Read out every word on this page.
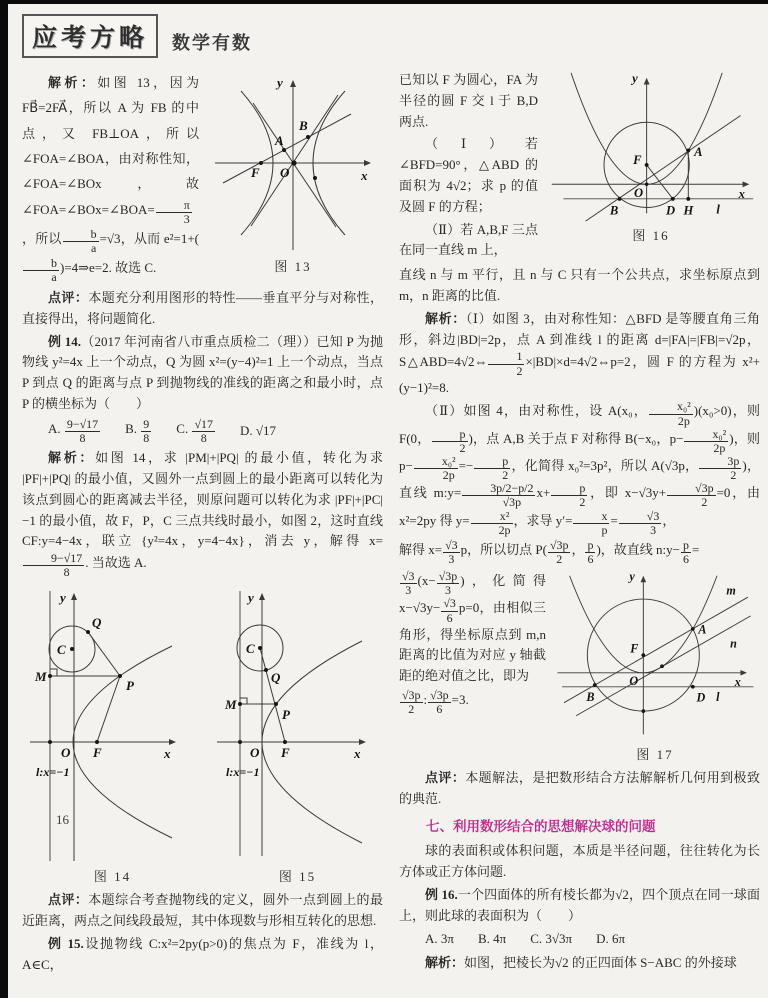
应考方略	数学有数
解析：如图 13，因为 FB⃗=2FA⃗，所以 A 为 FB 的中点，又 FB⊥OA，所以∠FOA=∠BOA，由对称性知，∠FOA=∠BOx，故∠FOA=∠BOx=∠BOA= $\frac{\pi}{3}$
，所以 $\frac{b}{a} =√3$，从而 e²=1+(
$\frac{b}{a}$ )=4⇒e=2. 故选 C.
x
y
F O
A
B
图 13

点评：本题充分利用图形的特性——垂直平分与对称性，直接得出，将问题简化.

例 14.（2017 年河南省八市重点质检二（理））已知 P 为抛物线 y²=4x 上一个动点，Q 为圆 x²=(y−4)²=1 上一个动点，当点 P 到点 Q 的距离与点 P 到抛物线的准线的距离之和最小时，点 P 的横坐标为（　　）

A. $\frac{9-√17}{8} B$. $\frac{9}{8} C$. $\frac{√17}{8} D$. √17

解析：如图 14，求 |PM|+|PQ| 的最小值，转化为求 |PF|+|PQ| 的最小值，又圆外一点到圆上的最小距离可以转化为该点到圆心的距离减去半径，则原问题可以转化为求 |PF|+|PC|−1 的最小值，故 F，P，C 三点共线时最小，如图 2，这时直线 CF:y=4−4x，联立 {y²=4x，y=4−4x}，消去 y，解得 x=
$\frac{9-√17}{8}$ . 当故选 A.

y
Q
C
M
P
O F	x
l:x=−1
16
图 14
y
C
Q
M
P
O F	x
l:x=−1
图 15

点评：本题综合考查抛物线的定义，圆外一点到圆上的最近距离，两点之间线段最短，其中体现数与形相互转化的思想.

例 15.设抛物线 C:x²=2py(p>0)的焦点为 F，准线为 l，A∈C，

已知以 F 为圆心，FA 为半径的圆 F 交 l 于 B,D 两点.

（Ⅰ）若∠BFD=90°，△ABD 的面积为 4√2；求 p 的值及圆 F 的方程；

（Ⅱ）若 A,B,F 三点在同一直线 m 上，

y
x
l
A
B	D H
O
F
图 16

直线 n 与 m 平行，且 n 与 C 只有一个公共点，求坐标原点到 m，n 距离的比值.

解析：（Ⅰ）如图 3，由对称性知：△BFD 是等腰直角三角形，斜边|BD|=2p，点 A 到准线 l 的距离 d=|FA|=|FB|=√2p，S△ABD=4√2⇔ $\frac{1}{2}$ ×|BD|×d=4√2⇔p=2，圆 F 的方程为 x²+(y−1)²=8.

（Ⅱ）如图 4，由对称性，设 A(x₀， $\frac{\text{x₀²}}{2p} )(x_0>0)$，则 F(0， $\frac{p}{2}$ )，点 A,B 关于点 F 对称得 B(−x₀，$p- \frac{\text{x₀²}}{2p}$ )，则 $p- \frac{\text{x₀²}}{2p} =- \frac{p}{2}$ ，化简得 x₀²=3p²，所以 A(√3p， $\frac{3p}{2}$ )，直线 m:y= $\frac{3p/2-p/2}{√3p} x+ \frac{p}{2}$ ，即 $x-√3y+ \frac{√3p}{2} =0$，由 x²=2py 得 $y= \frac{\text{x²}}{2p}$ ，求导 $y'= \frac{x}{p} = \frac{√3}{3}$ ，

解得 $x= \frac{√3}{3}$ p，所以切点 $P( \frac{√3p}{2}$ ， $\frac{p}{6}$ )，故直线 n:y− $\frac{p}{6}$ =

$\frac{√3}{3} (x- \frac{√3p}{3}$ )，化简得 $x-√3y- \frac{√3}{6} p=0$，由相似三角形，得坐标原点到 m,n 距离的比值为对应 y 轴截距的绝对值之比，即为

$\frac{√3p}{2}$ : $\frac{√3p}{6} =3$.

y
x
l
m
n
A
B	D
F
O
图 17

点评：本题解法，是把数形结合方法解解析几何用到极致的典范.

七、利用数形结合的思想解决球的问题

球的表面积或体积问题，本质是半径问题，往往转化为长方体或正方体问题.

例 16.一个四面体的所有棱长都为√2，四个顶点在同一球面上，则此球的表面积为（　　）

A. 3π B. 4π C. 3√3π D. 6π

解析：如图，把棱长为√2 的正四面体 S−ABC 的外接球
